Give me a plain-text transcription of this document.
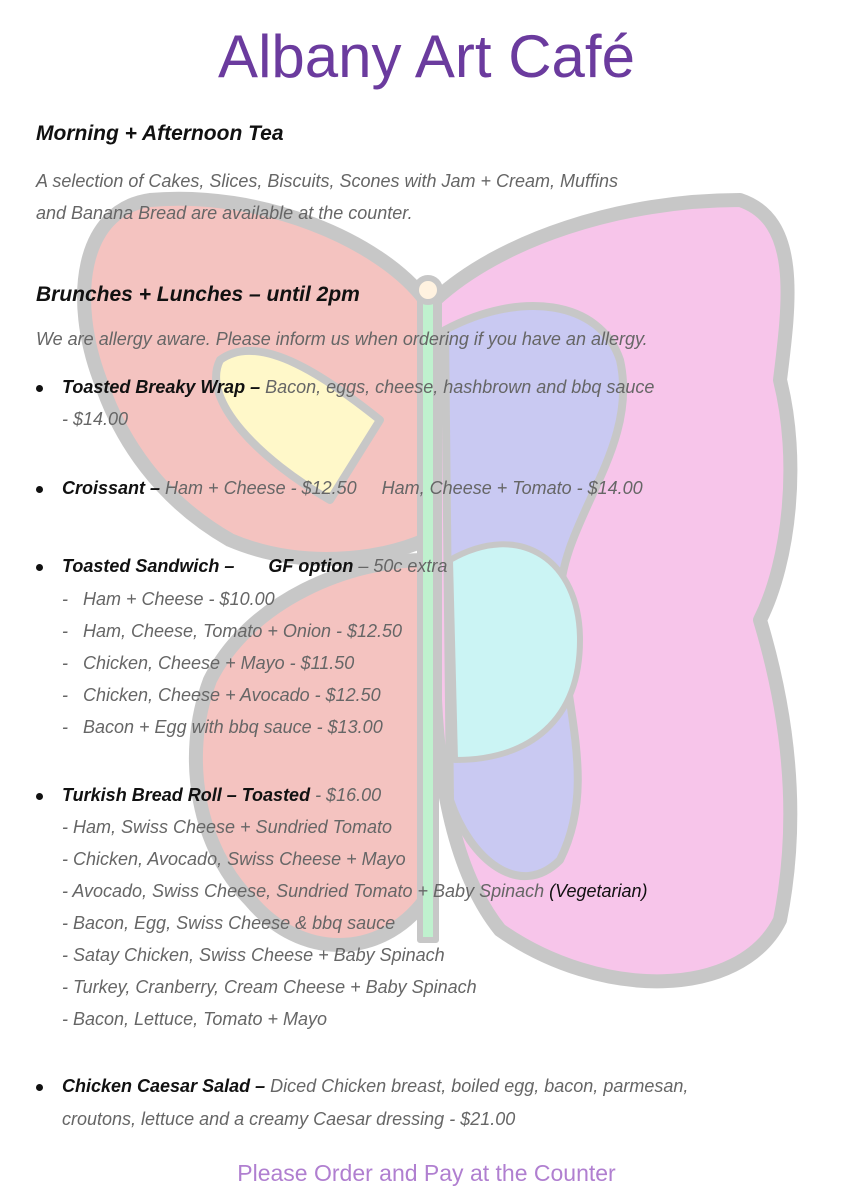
Albany Art Café
Morning + Afternoon Tea
A selection of Cakes, Slices, Biscuits, Scones with Jam + Cream, Muffins
and Banana Bread are available at the counter.
Brunches + Lunches – until 2pm
We are allergy aware. Please inform us when ordering if you have an allergy.
Toasted Breaky Wrap – Bacon, eggs, cheese, hashbrown and bbq sauce
- $14.00
Croissant – Ham + Cheese - $12.50     Ham, Cheese + Tomato - $14.00
Toasted Sandwich – GF option – 50c extra
-   Ham + Cheese - $10.00
-   Ham, Cheese, Tomato + Onion - $12.50
-   Chicken, Cheese + Mayo - $11.50
-   Chicken, Cheese + Avocado - $12.50
-   Bacon + Egg with bbq sauce - $13.00
Turkish Bread Roll – Toasted - $16.00
- Ham, Swiss Cheese + Sundried Tomato
- Chicken, Avocado, Swiss Cheese + Mayo
- Avocado, Swiss Cheese, Sundried Tomato + Baby Spinach (Vegetarian)
- Bacon, Egg, Swiss Cheese & bbq sauce
- Satay Chicken, Swiss Cheese + Baby Spinach
- Turkey, Cranberry, Cream Cheese + Baby Spinach
- Bacon, Lettuce, Tomato + Mayo
Chicken Caesar Salad – Diced Chicken breast, boiled egg, bacon, parmesan,
croutons, lettuce and a creamy Caesar dressing - $21.00
Please Order and Pay at the Counter
